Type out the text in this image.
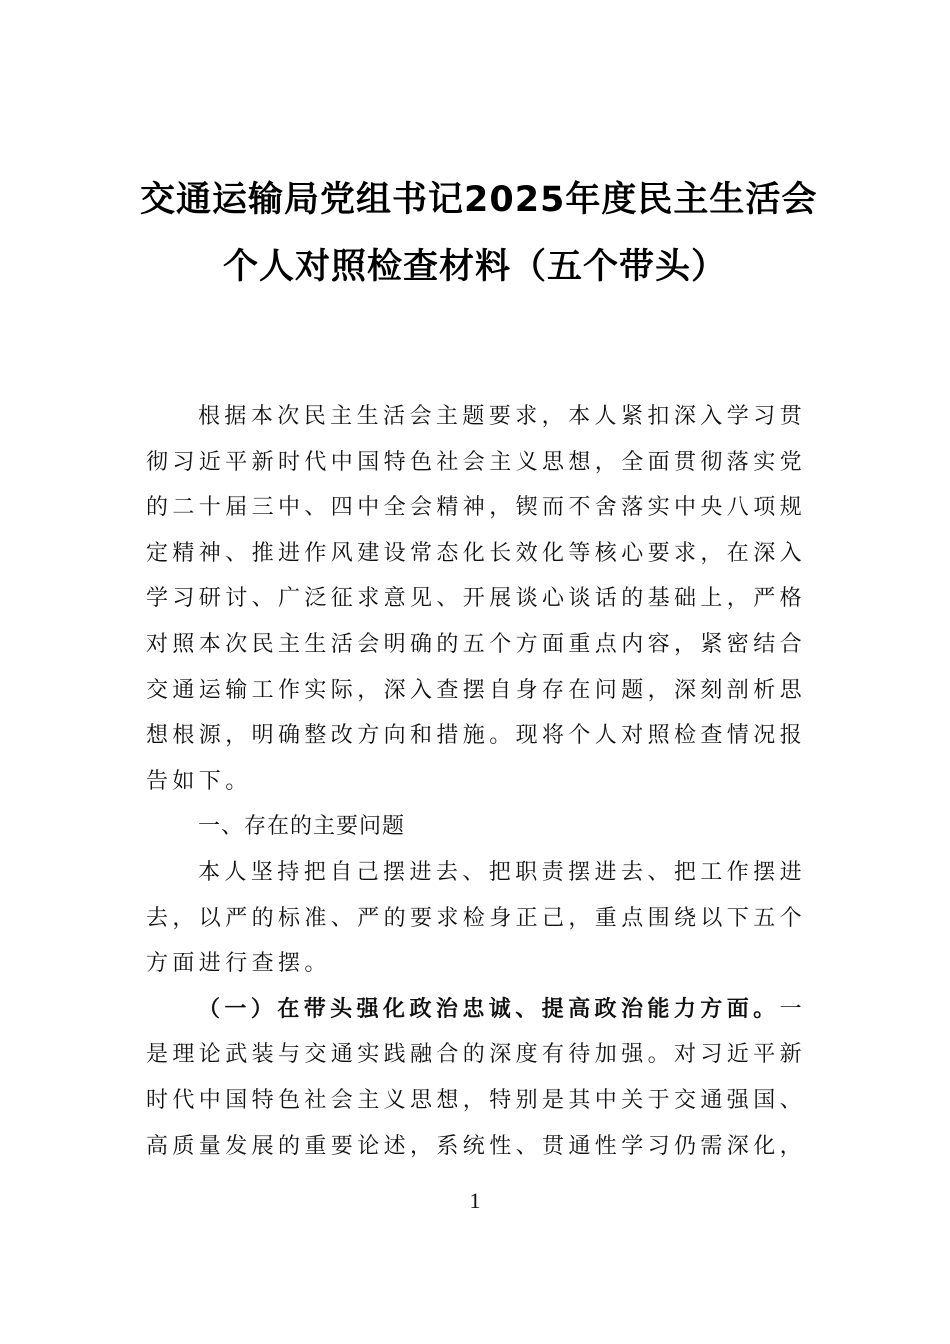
交通运输局党组书记2025年度民主生活会
个人对照检查材料（五个带头）

根据本次民主生活会主题要求，本人紧扣深入学习贯彻习近平新时代中国特色社会主义思想，全面贯彻落实党的二十届三中、四中全会精神，锲而不舍落实中央八项规定精神、推进作风建设常态化长效化等核心要求，在深入学习研讨、广泛征求意见、开展谈心谈话的基础上，严格对照本次民主生活会明确的五个方面重点内容，紧密结合交通运输工作实际，深入查摆自身存在问题，深刻剖析思想根源，明确整改方向和措施。现将个人对照检查情况报告如下。

一、存在的主要问题

本人坚持把自己摆进去、把职责摆进去、把工作摆进去，以严的标准、严的要求检身正己，重点围绕以下五个方面进行查摆。

（一）在带头强化政治忠诚、提高政治能力方面。一是理论武装与交通实践融合的深度有待加强。对习近平新时代中国特色社会主义思想，特别是其中关于交通强国、高质量发展的重要论述，系统性、贯通性学习仍需深化，

1
